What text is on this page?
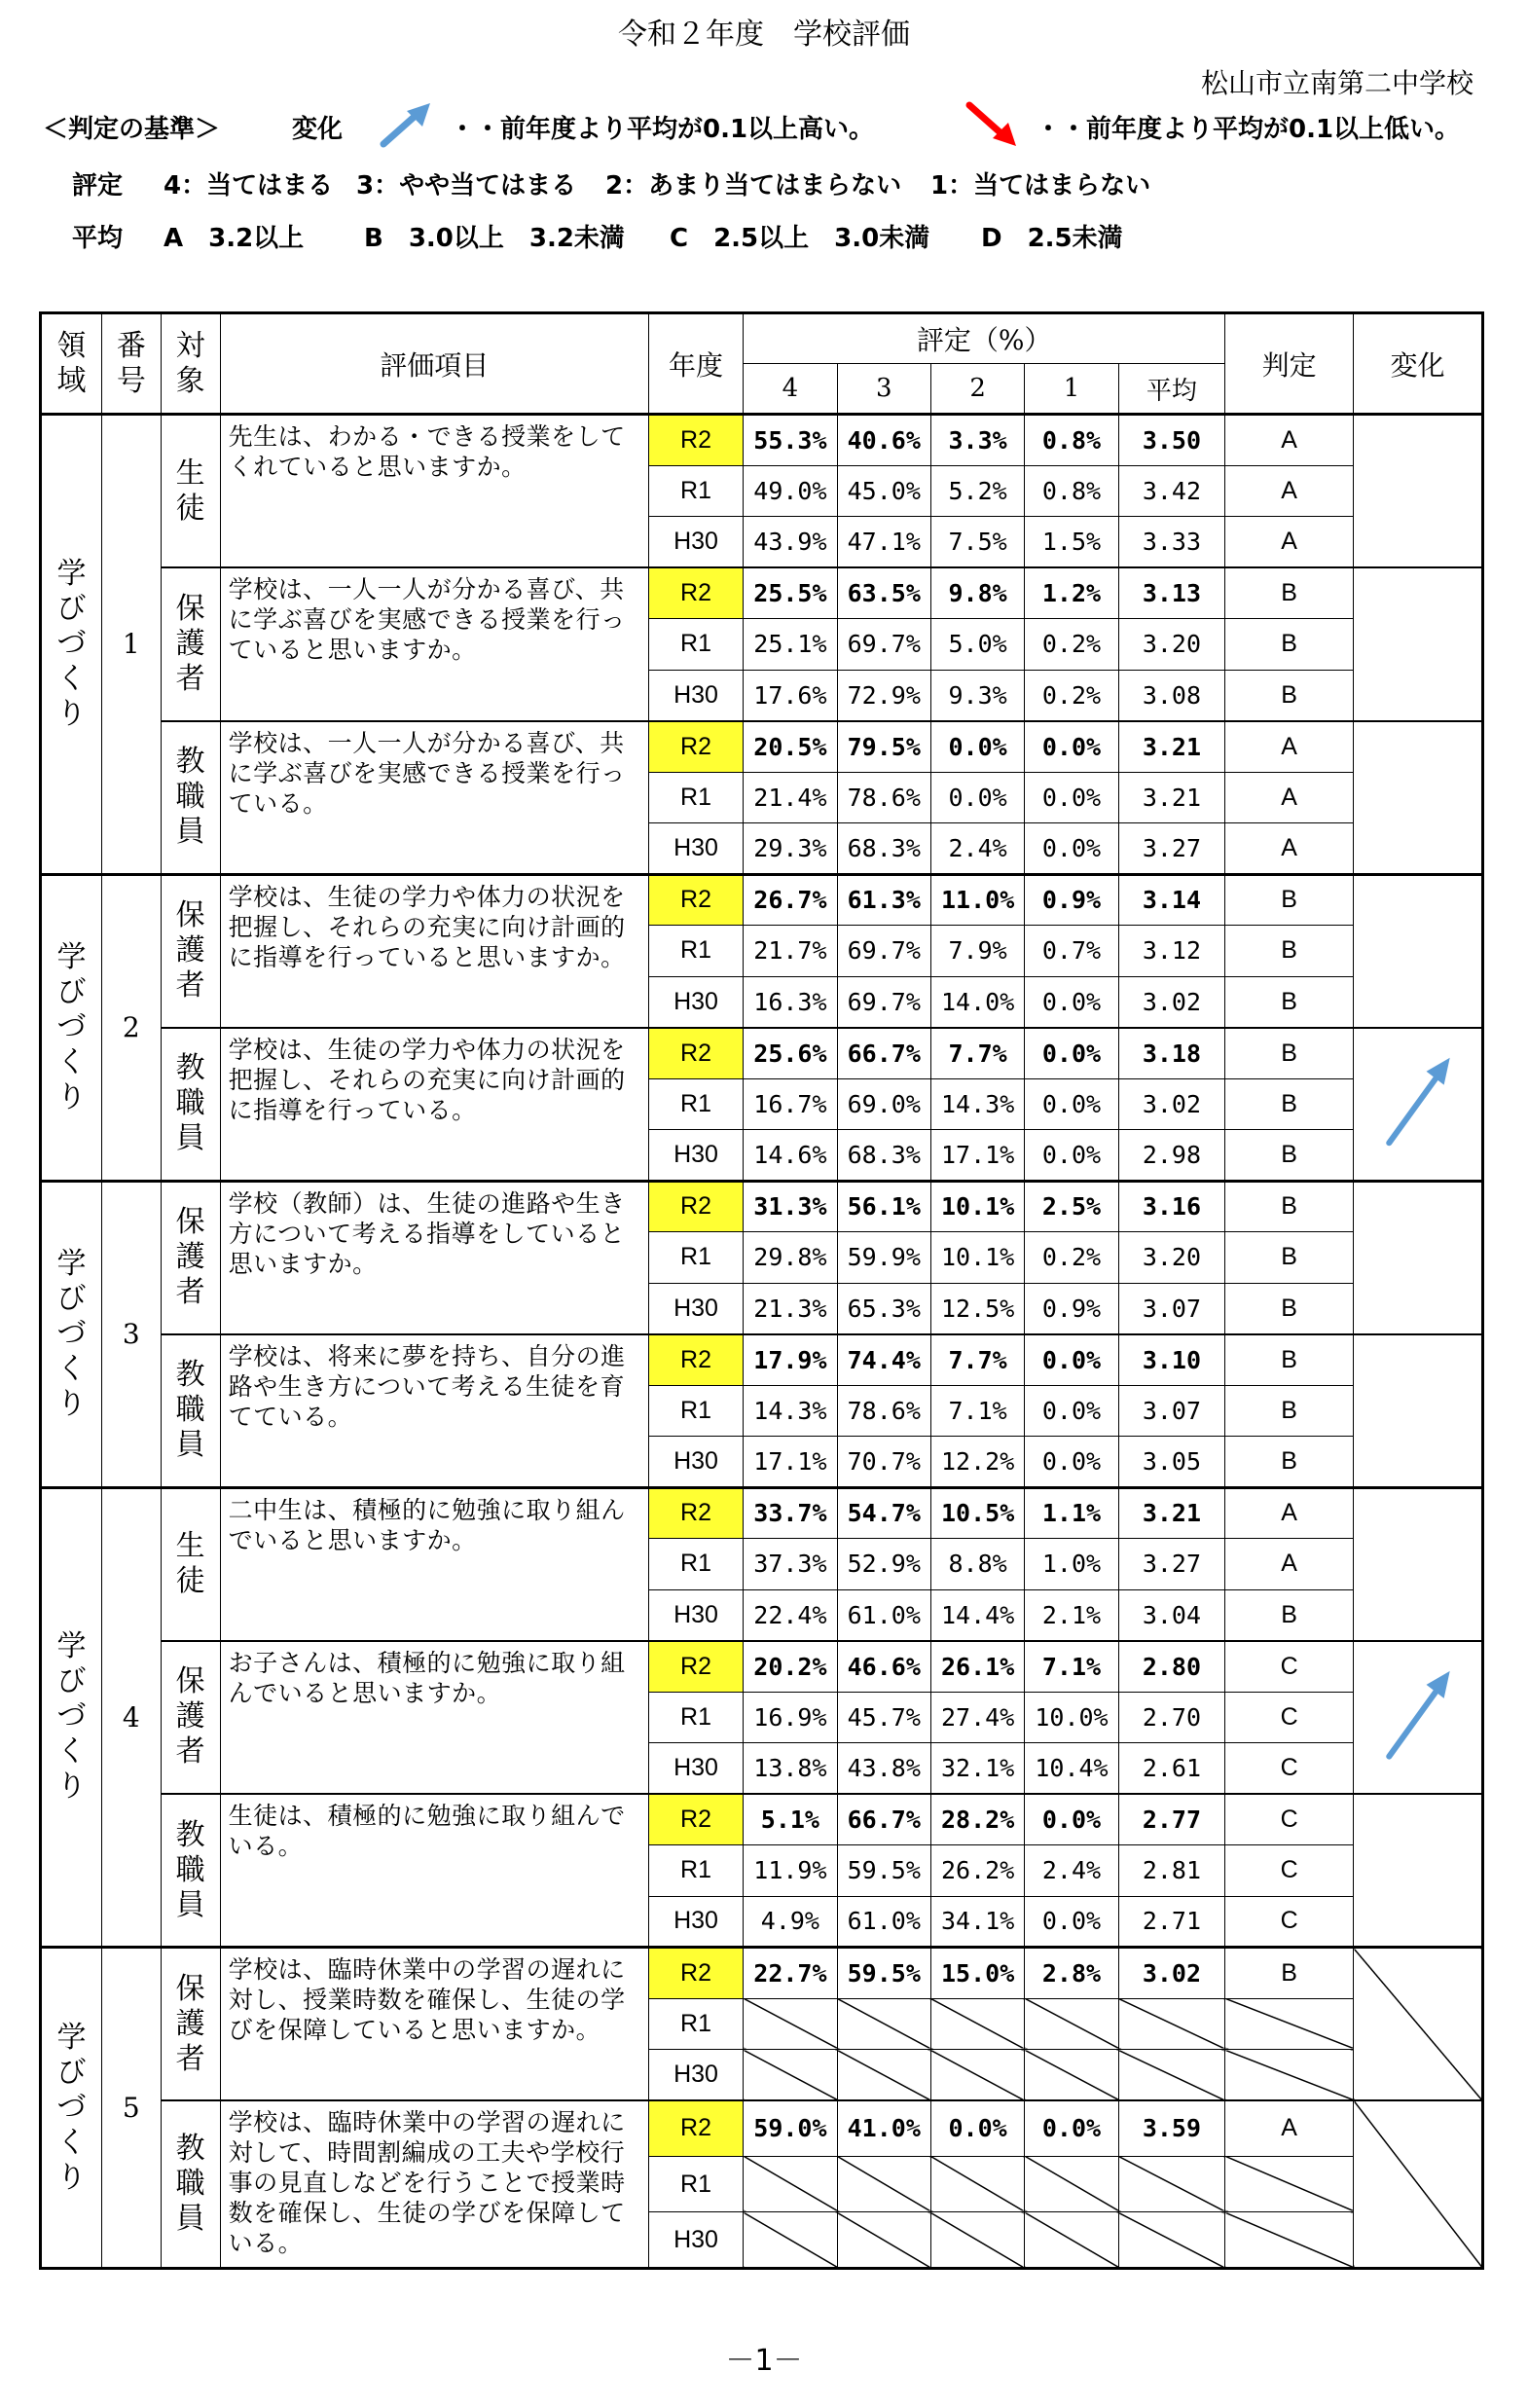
令和２年度　学校評価
松山市立南第二中学校
＜判定の基準＞	変化	・・前年度より平均が0.1以上高い。	・・前年度より平均が0.1以上低い。
評定 4：当てはまる 3：やや当てはまる 2：あまり当てはまらない 1：当てはまらない
平均 A　3.2以上 B　3.0以上　3.2未満 C　2.5以上　3.0未満 D　2.5未満
領域	番号	対象	評価項目	年度	評定（%）					判定	変化
					4	3	2	1	平均		

学びづくり	1	生徒	先生は、わかる・できる授業をしてくれていると思いますか。	R2	55.3%	40.6%	3.3%	0.8%	3.50	A	
				R1	49.0%	45.0%	5.2%	0.8%	3.42	A	
				H30	43.9%	47.1%	7.5%	1.5%	3.33	A	

		保護者	学校は、一人一人が分かる喜び、共に学ぶ喜びを実感できる授業を行っていると思いますか。	R2	25.5%	63.5%	9.8%	1.2%	3.13	B	
				R1	25.1%	69.7%	5.0%	0.2%	3.20	B	
				H30	17.6%	72.9%	9.3%	0.2%	3.08	B	

		教職員	学校は、一人一人が分かる喜び、共に学ぶ喜びを実感できる授業を行っている。	R2	20.5%	79.5%	0.0%	0.0%	3.21	A	
				R1	21.4%	78.6%	0.0%	0.0%	3.21	A	
				H30	29.3%	68.3%	2.4%	0.0%	3.27	A	

学びづくり	2	保護者	学校は、生徒の学力や体力の状況を把握し、それらの充実に向け計画的に指導を行っていると思いますか。	R2	26.7%	61.3%	11.0%	0.9%	3.14	B	
				R1	21.7%	69.7%	7.9%	0.7%	3.12	B	
				H30	16.3%	69.7%	14.0%	0.0%	3.02	B	

		教職員	学校は、生徒の学力や体力の状況を把握し、それらの充実に向け計画的に指導を行っている。	R2	25.6%	66.7%	7.7%	0.0%	3.18	B	

				R1	16.7%	69.0%	14.3%	0.0%	3.02	B	
				H30	14.6%	68.3%	17.1%	0.0%	2.98	B	

学びづくり	3	保護者	学校（教師）は、生徒の進路や生き方について考える指導をしていると思いますか。	R2	31.3%	56.1%	10.1%	2.5%	3.16	B	
				R1	29.8%	59.9%	10.1%	0.2%	3.20	B	
				H30	21.3%	65.3%	12.5%	0.9%	3.07	B	

		教職員	学校は、将来に夢を持ち、自分の進路や生き方について考える生徒を育てている。	R2	17.9%	74.4%	7.7%	0.0%	3.10	B	
				R1	14.3%	78.6%	7.1%	0.0%	3.07	B	
				H30	17.1%	70.7%	12.2%	0.0%	3.05	B	

学びづくり	4	生徒	二中生は、積極的に勉強に取り組んでいると思いますか。	R2	33.7%	54.7%	10.5%	1.1%	3.21	A	
				R1	37.3%	52.9%	8.8%	1.0%	3.27	A	
				H30	22.4%	61.0%	14.4%	2.1%	3.04	B	

		保護者	お子さんは、積極的に勉強に取り組んでいると思いますか。	R2	20.2%	46.6%	26.1%	7.1%	2.80	C	

				R1	16.9%	45.7%	27.4%	10.0%	2.70	C	
				H30	13.8%	43.8%	32.1%	10.4%	2.61	C	

		教職員	生徒は、積極的に勉強に取り組んでいる。	R2	5.1%	66.7%	28.2%	0.0%	2.77	C	
				R1	11.9%	59.5%	26.2%	2.4%	2.81	C	
				H30	4.9%	61.0%	34.1%	0.0%	2.71	C	

学びづくり	5	保護者	学校は、臨時休業中の学習の遅れに対し、授業時数を確保し、生徒の学びを保障していると思いますか。	R2	22.7%	59.5%	15.0%	2.8%	3.02	B	
				R1							
				H30							

		教職員	学校は、臨時休業中の学習の遅れに対して、時間割編成の工夫や学校行事の見直しなどを行うことで授業時数を確保し、生徒の学びを保障している。	R2	59.0%	41.0%	0.0%	0.0%	3.59	A	
				R1							
				H30							
－1－
